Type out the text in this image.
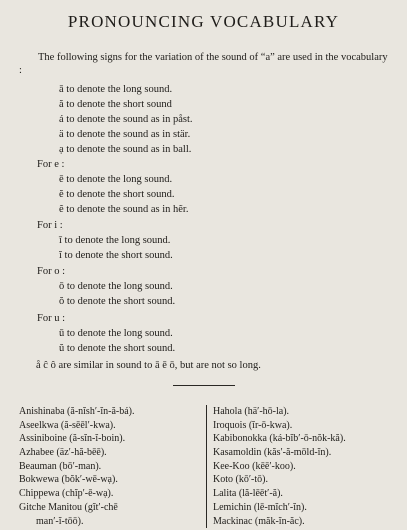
PRONOUNCING VOCABULARY
The following signs for the variation of the sound of “a” are used in the vocabulary :
ā to denote the long sound.
ă to denote the short sound
á to denote the sound as in påst.
ä to denote the sound as in stär.
ạ to denote the sound as in ball.
For e :
ē to denote the long sound.
ĕ to denote the short sound.
ẽ to denote the sound as in hẽr.
For i :
ī to denote the long sound.
ĭ to denote the short sound.
For o :
ō to denote the long sound.
ŏ to denote the short sound.
For u :
ū to denote the long sound.
ŭ to denote the short sound.
å ĉ ô are similar in sound to ā ē ō, but are not so long.
Anishinaba (ă-nĭsh′-ĭn-ă-bá).
Aseelkwa (ă-sēēl′-kwa).
Assiniboine (ă-sĭn-ĭ-boin).
Azhabee (äz′-hă-bēē).
Beauman (bō′-man).
Bokwewa (bŏk′-wē-wạ).
Chippewa (chĭp′-ē-wạ).
Gitche Manitou (gĭt′-chē
man′-ĭ-tōō).
Hahola (hä′-hō-la).
Iroquois (ĭr-ō-kwa).
Kabibonokka (ká-bĭb′-ō-nŏk-kă).
Kasamoldin (kăs′-ă-mōld-ĭn).
Kee-Koo (kēē′-koo).
Koto (kō′-tō).
Lalita (lă-lēēt′-ă).
Lemichin (lē-mĭch′-ĭn).
Mackinac (măk-ĭn-ăc).
